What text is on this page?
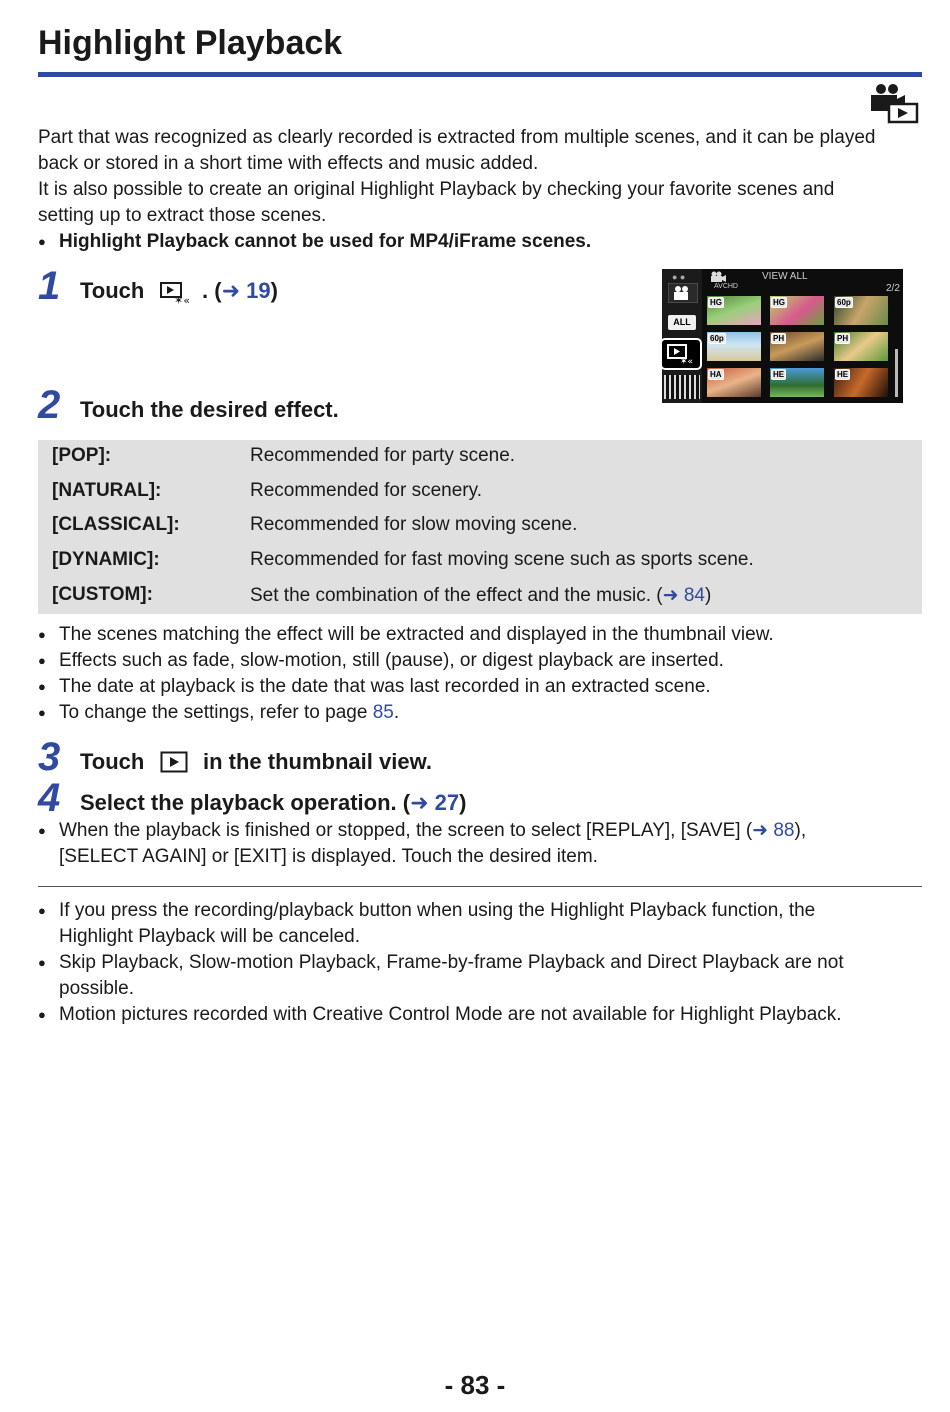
Highlight Playback
Part that was recognized as clearly recorded is extracted from multiple scenes, and it can be played
back or stored in a short time with effects and music added.
It is also possible to create an original Highlight Playback by checking your favorite scenes and
setting up to extract those scenes.
● Highlight Playback cannot be used for MP4/iFrame scenes.
1 Touch	✶« . (➜ 19)
● ●
ALL
✶«
VIEW ALL
AVCHD	2/2
HG	HG	60p
60p	PH	PH
HA	HE	HE
2 Touch the desired effect.
[POP]:	Recommended for party scene.
[NATURAL]:	Recommended for scenery.
[CLASSICAL]:	Recommended for slow moving scene.
[DYNAMIC]:	Recommended for fast moving scene such as sports scene.
[CUSTOM]:	Set the combination of the effect and the music. (➜ 84)
● The scenes matching the effect will be extracted and displayed in the thumbnail view.
● Effects such as fade, slow-motion, still (pause), or digest playback are inserted.
● The date at playback is the date that was last recorded in an extracted scene.
● To change the settings, refer to page 85.
3 Touch	in the thumbnail view.
4 Select the playback operation. (➜ 27)
● When the playback is finished or stopped, the screen to select [REPLAY], [SAVE] (➜ 88),
[SELECT AGAIN] or [EXIT] is displayed. Touch the desired item.
● If you press the recording/playback button when using the Highlight Playback function, the
Highlight Playback will be canceled.
● Skip Playback, Slow-motion Playback, Frame-by-frame Playback and Direct Playback are not
possible.
● Motion pictures recorded with Creative Control Mode are not available for Highlight Playback.
- 83 -
